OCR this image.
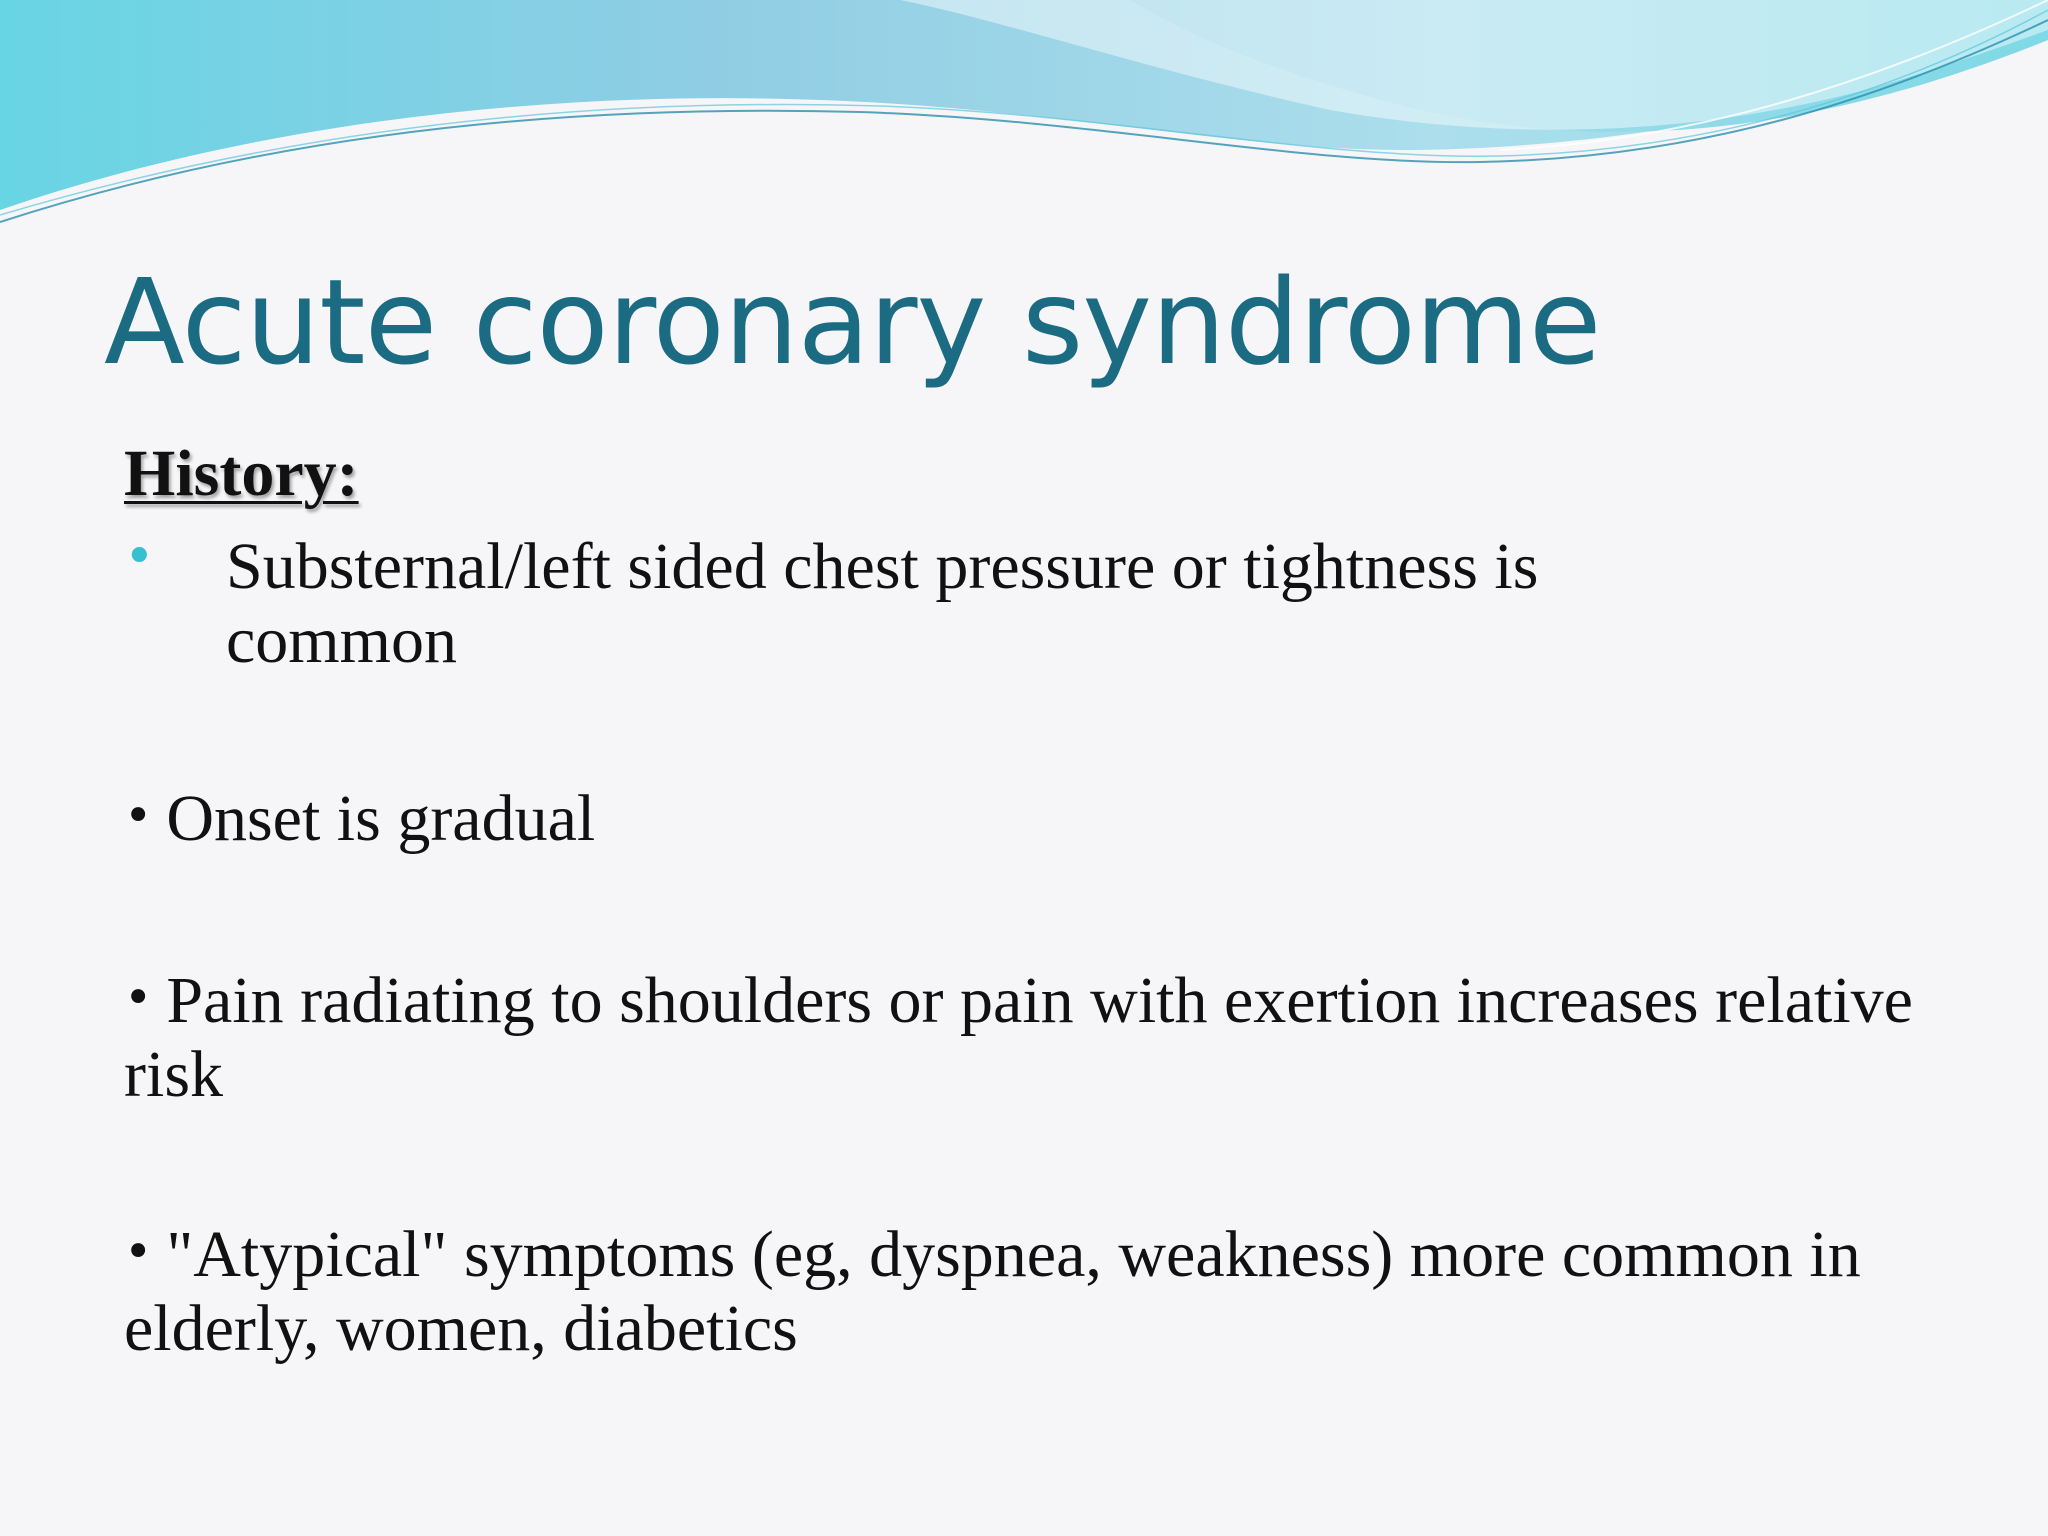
Acute coronary syndrome
History:
• Substernal/left sided chest pressure or tightness is common
• Onset is gradual
• Pain radiating to shoulders or pain with exertion increases relative risk
• "Atypical" symptoms (eg, dyspnea, weakness) more common in elderly, women, diabetics
